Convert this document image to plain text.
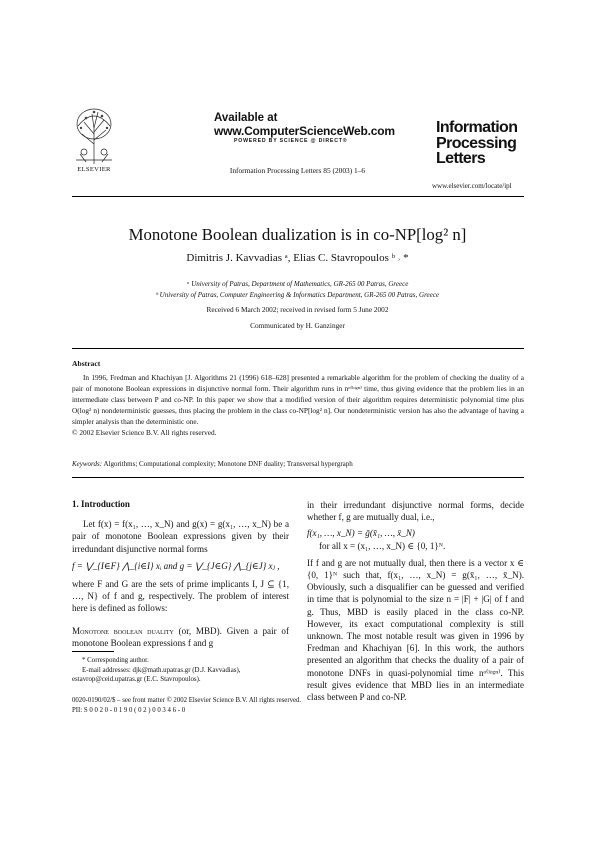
ELSEVIER
Available at
www.ComputerScienceWeb.com
POWERED BY SCIENCE @ DIRECT®
Information Processing Letters 85 (2003) 1–6
Information
Processing
Letters
www.elsevier.com/locate/ipl
Monotone Boolean dualization is in co-NP[log² n]
Dimitris J. Kavvadias ᵃ, Elias C. Stavropoulos ᵇ ˒ *
ᵃ University of Patras, Department of Mathematics, GR-265 00 Patras, Greece
ᵇ University of Patras, Computer Engineering & Informatics Department, GR-265 00 Patras, Greece
Received 6 March 2002; received in revised form 5 June 2002
Communicated by H. Ganzinger
Abstract

In 1996, Fredman and Khachiyan [J. Algorithms 21 (1996) 618–628] presented a remarkable algorithm for the problem of checking the duality of a pair of monotone Boolean expressions in disjunctive normal form. Their algorithm runs in nᵒ⁽ˡᵒᵍⁿ⁾ time, thus giving evidence that the problem lies in an intermediate class between P and co-NP. In this paper we show that a modified version of their algorithm requires deterministic polynomial time plus O(log² n) nondeterministic guesses, thus placing the problem in the class co-NP[log² n]. Our nondeterministic version has also the advantage of having a simpler analysis than the deterministic one.

© 2002 Elsevier Science B.V. All rights reserved.

Keywords: Algorithms; Computational complexity; Monotone DNF duality; Transversal hypergraph

1. Introduction

Let f(x) = f(x₁, …, x_N) and g(x) = g(x₁, …, x_N) be a pair of monotone Boolean expressions given by their irredundant disjunctive normal forms

f = ⋁_{I∈F} ⋀_{i∈I} xᵢ and g = ⋁_{J∈G} ⋀_{j∈J} xⱼ ,

where F and G are the sets of prime implicants I, J ⊆ {1, …, N} of f and g, respectively. The problem of interest here is defined as follows:

Monotone boolean duality (or, MBD). Given a pair of monotone Boolean expressions f and g

in their irredundant disjunctive normal forms, decide whether f, g are mutually dual, i.e.,

f(x₁, …, x_N) = ḡ(x̄₁, …, x̄_N)

for all x = (x₁, …, x_N) ∈ {0, 1}ᴺ.

If f and g are not mutually dual, then there is a vector x ∈ {0, 1}ᴺ such that, f(x₁, …, x_N) = g(x̄₁, …, x̄_N). Obviously, such a disqualifier can be guessed and verified in time that is polynomial to the size n = |F| + |G| of f and g. Thus, MBD is easily placed in the class co-NP. However, its exact computational complexity is still unknown. The most notable result was given in 1996 by Fredman and Khachiyan [6]. In this work, the authors presented an algorithm that checks the duality of a pair of monotone DNFs in quasi-polynomial time nᵒ⁽ˡᵒᵍⁿ⁾. This result gives evidence that MBD lies in an intermediate class between P and co-NP.

* Corresponding author.

E-mail addresses: djk@math.upatras.gr (D.J. Kavvadias), estavrop@ceid.upatras.gr (E.C. Stavropoulos).

0020-0190/02/$ – see front matter © 2002 Elsevier Science B.V. All rights reserved.

PII: S 0 0 2 0 - 0 1 9 0 ( 0 2 ) 0 0 3 4 6 - 0
